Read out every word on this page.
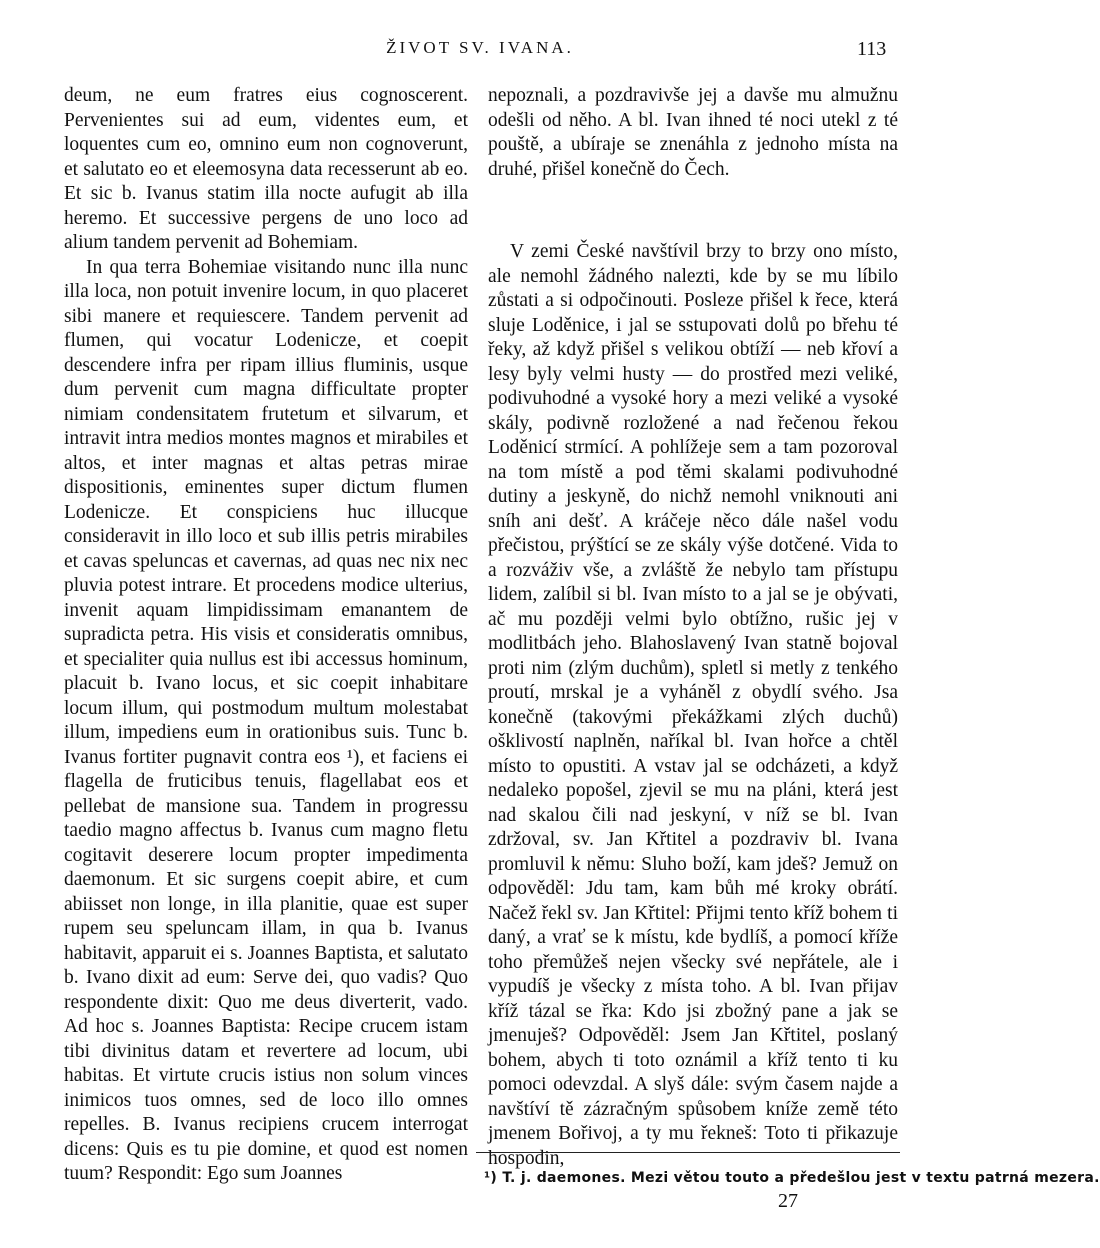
ŽIVOT SV. IVANA.	113

deum, ne eum fratres eius cognoscerent. Pervenientes sui ad eum, videntes eum, et loquentes cum eo, omnino eum non cognoverunt, et salutato eo et eleemosyna data recesserunt ab eo. Et sic b. Ivanus statim illa nocte aufugit ab illa heremo. Et successive pergens de uno loco ad alium tandem pervenit ad Bohemiam.

In qua terra Bohemiae visitando nunc illa nunc illa loca, non potuit invenire locum, in quo placeret sibi manere et requiescere. Tandem pervenit ad flumen, qui vocatur Lodenicze, et coepit descendere infra per ripam illius fluminis, usque dum pervenit cum magna difficultate propter nimiam condensitatem frutetum et silvarum, et intravit intra medios montes magnos et mirabiles et altos, et inter magnas et altas petras mirae dispositionis, eminentes super dictum flumen Lodenicze. Et conspiciens huc illucque consideravit in illo loco et sub illis petris mirabiles et cavas speluncas et cavernas, ad quas nec nix nec pluvia potest intrare. Et procedens modice ulterius, invenit aquam limpidissimam emanantem de supradicta petra. His visis et consideratis omnibus, et specialiter quia nullus est ibi accessus hominum, placuit b. Ivano locus, et sic coepit inhabitare locum illum, qui postmodum multum molestabat illum, impediens eum in orationibus suis. Tunc b. Ivanus fortiter pugnavit contra eos ¹), et faciens ei flagella de fruticibus tenuis, flagellabat eos et pellebat de mansione sua. Tandem in progressu taedio magno affectus b. Ivanus cum magno fletu cogitavit deserere locum propter impedimenta daemonum. Et sic surgens coepit abire, et cum abiisset non longe, in illa planitie, quae est super rupem seu speluncam illam, in qua b. Ivanus habitavit, apparuit ei s. Joannes Baptista, et salutato b. Ivano dixit ad eum: Serve dei, quo vadis? Quo respondente dixit: Quo me deus diverterit, vado. Ad hoc s. Joannes Baptista: Recipe crucem istam tibi divinitus datam et revertere ad locum, ubi habitas. Et virtute crucis istius non solum vinces inimicos tuos omnes, sed de loco illo omnes repelles. B. Ivanus recipiens crucem interrogat dicens: Quis es tu pie domine, et quod est nomen tuum? Respondit: Ego sum Joannes

nepoznali, a pozdravivše jej a davše mu almužnu odešli od něho. A bl. Ivan ihned té noci utekl z té pouště, a ubíraje se znenáhla z jednoho místa na druhé, přišel konečně do Čech.

V zemi České navštívil brzy to brzy ono místo, ale nemohl žádného nalezti, kde by se mu líbilo zůstati a si odpočinouti. Posleze přišel k řece, která sluje Loděnice, i jal se sstupovati dolů po břehu té řeky, až když přišel s velikou obtíží — neb křoví a lesy byly velmi husty — do prostřed mezi veliké, podivuhodné a vysoké hory a mezi veliké a vysoké skály, podivně rozložené a nad řečenou řekou Loděnicí strmící. A pohlížeje sem a tam pozoroval na tom místě a pod těmi skalami podivuhodné dutiny a jeskyně, do nichž nemohl vniknouti ani sníh ani dešť. A kráčeje něco dále našel vodu přečistou, prýštící se ze skály výše dotčené. Vida to a rozváživ vše, a zvláště že nebylo tam přístupu lidem, zalíbil si bl. Ivan místo to a jal se je obývati, ač mu později velmi bylo obtížno, rušic jej v modlitbách jeho. Blahoslavený Ivan statně bojoval proti nim (zlým duchům), spletl si metly z tenkého proutí, mrskal je a vyháněl z obydlí svého. Jsa konečně (takovými překážkami zlých duchů) ošklivostí naplněn, naříkal bl. Ivan hořce a chtěl místo to opustiti. A vstav jal se odcházeti, a když nedaleko popošel, zjevil se mu na pláni, která jest nad skalou čili nad jeskyní, v níž se bl. Ivan zdržoval, sv. Jan Křtitel a pozdraviv bl. Ivana promluvil k němu: Sluho boží, kam jdeš? Jemuž on odpověděl: Jdu tam, kam bůh mé kroky obrátí. Načež řekl sv. Jan Křtitel: Přijmi tento kříž bohem ti daný, a vrať se k místu, kde bydlíš, a pomocí kříže toho přemůžeš nejen všecky své nepřátele, ale i vypudíš je všecky z místa toho. A bl. Ivan přijav kříž tázal se řka: Kdo jsi zbožný pane a jak se jmenuješ? Odpověděl: Jsem Jan Křtitel, poslaný bohem, abych ti toto oznámil a kříž tento ti ku pomoci odevzdal. A slyš dále: svým časem najde a navštíví tě zázračným spůsobem kníže země této jmenem Bořivoj, a ty mu řekneš: Toto ti přikazuje hospodin,

¹) T. j. daemones. Mezi větou touto a předešlou jest v textu patrná mezera.
27
